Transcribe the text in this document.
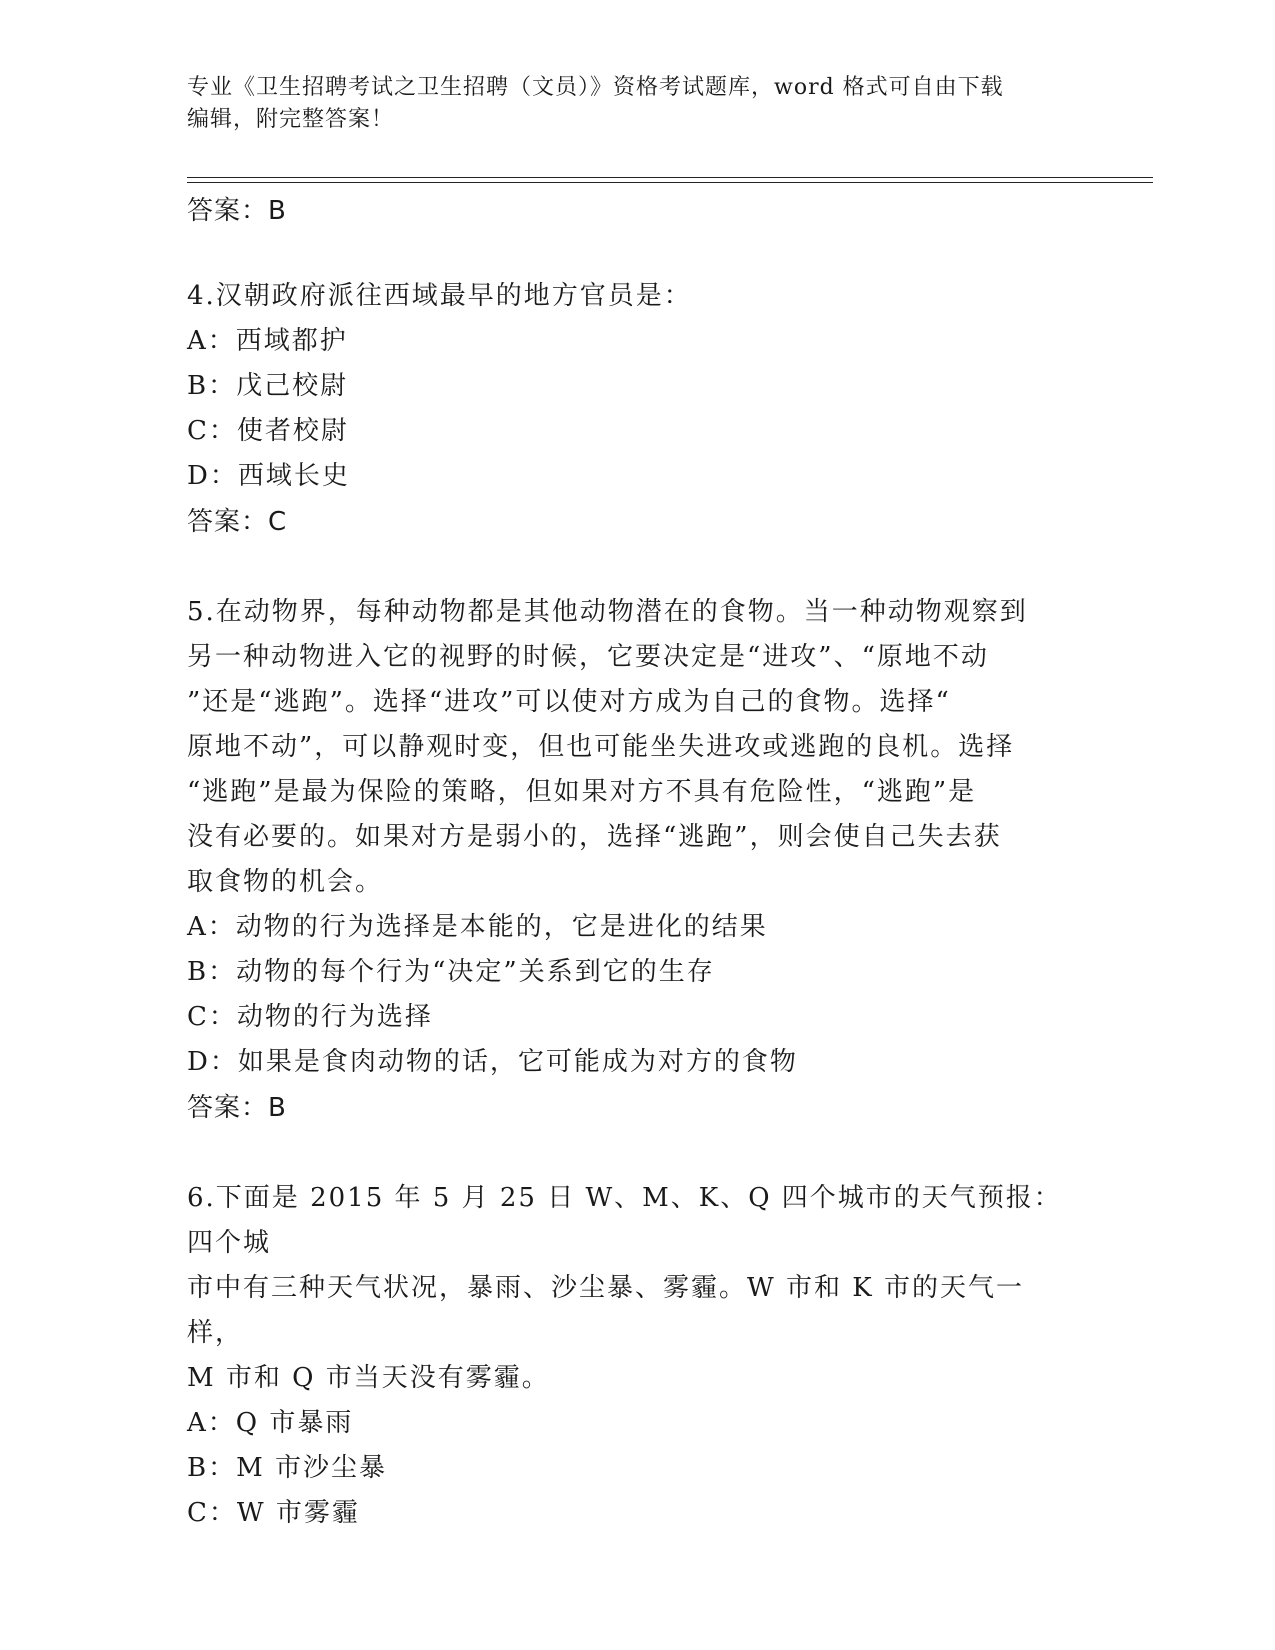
专业《卫生招聘考试之卫生招聘（文员）》资格考试题库，word 格式可自由下载
编辑，附完整答案！

答案：B

4.汉朝政府派往西域最早的地方官员是：

A：西域都护

B：戊己校尉

C：使者校尉

D：西域长史

答案：C

5.在动物界，每种动物都是其他动物潜在的食物。当一种动物观察到

另一种动物进入它的视野的时候，它要决定是“进攻”、“原地不动

”还是“逃跑”。选择“进攻”可以使对方成为自己的食物。选择“

原地不动”，可以静观时变，但也可能坐失进攻或逃跑的良机。选择

“逃跑”是最为保险的策略，但如果对方不具有危险性，“逃跑”是

没有必要的。如果对方是弱小的，选择“逃跑”，则会使自己失去获

取食物的机会。

A：动物的行为选择是本能的，它是进化的结果

B：动物的每个行为“决定”关系到它的生存

C：动物的行为选择

D：如果是食肉动物的话，它可能成为对方的食物

答案：B

6.下面是 2015 年 5 月 25 日 W、M、K、Q 四个城市的天气预报：四个城

市中有三种天气状况，暴雨、沙尘暴、雾霾。W 市和 K 市的天气一样，

M 市和 Q 市当天没有雾霾。

A：Q 市暴雨

B：M 市沙尘暴

C：W 市雾霾
